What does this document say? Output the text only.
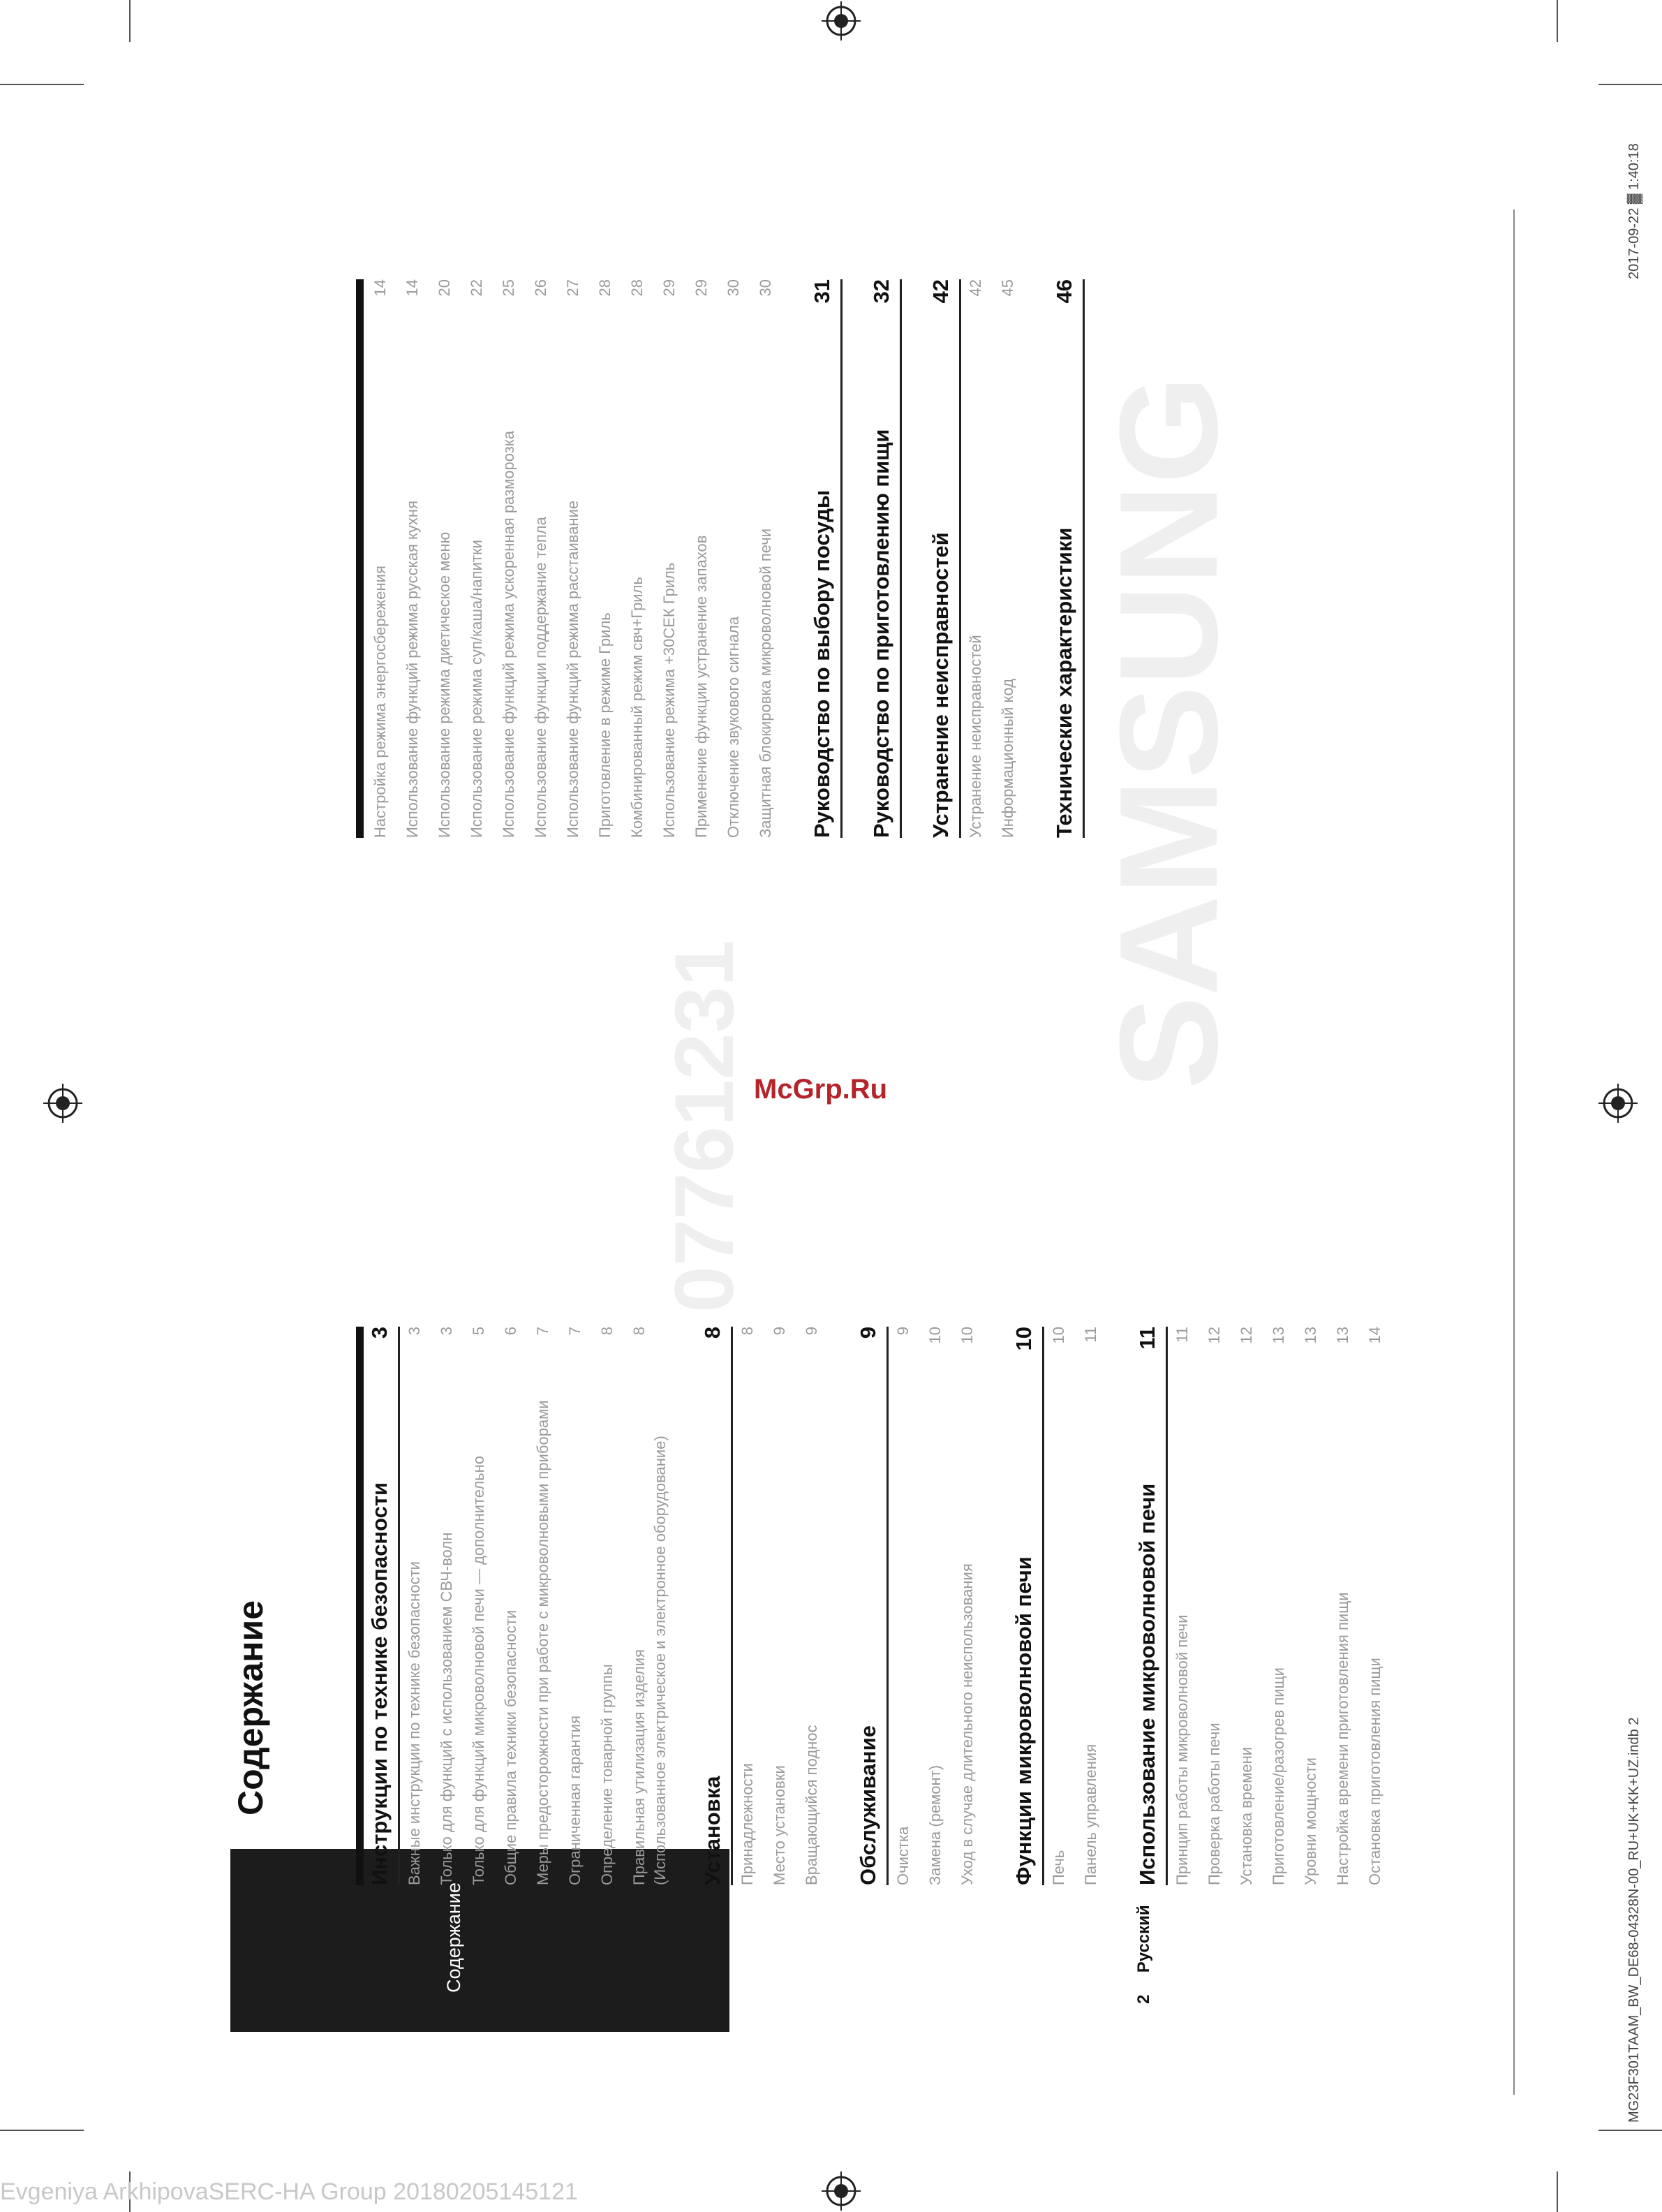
2017-09-22 ▓ 1:40:18
MG23F301TAAM_BW_DE68-04328N-00_RU+UK+KK+UZ.indb 2
Evgeniya ArkhipovaSERC-HA Group 20180205145121
SAMSUNG
07761231 McGrp.Ru
Содержание
Содержание
2  Русский
Инструкции по технике безопасности
3
Важные инструкции по технике безопасности
3
Только для функций с использованием СВЧ-волн
3
Только для функций микроволновой печи — дополнительно
5
Общие правила техники безопасности
6
Меры предосторожности при работе с микроволновыми приборами
7
Ограниченная гарантия
7
Определение товарной группы
8
Правильная утилизация изделия (Использованное электрическое и электронное оборудование)
8
Установка
8
Принадлежности
8
Место установки
9
Вращающийся поднос
9
Обслуживание
9
Очистка
9
Замена (ремонт)
10
Уход в случае длительного неиспользования
10
Функции микроволновой печи
10
Печь
10
Панель управления
11
Использование микроволновой печи
11
Принцип работы микроволновой печи
11
Проверка работы печи
12
Установка времени
12
Приготовление/разогрев пищи
13
Уровни мощности
13
Настройка времени приготовления пищи
13
Остановка приготовления пищи
14
Настройка режима энергосбережения
14
Использование функций режима русская кухня
14
Использование режима диетическое меню
20
Использование режима суп/каша/напитки
22
Использование функций режима ускоренная разморозка
25
Использование функции поддержание тепла
26
Использование функций режима расстаивание
27
Приготовление в режиме Гриль
28
Комбинированный режим свч+Гриль
28
Использование режима +30СЕК Гриль
29
Применение функции устранение запахов
29
Отключение звукового сигнала
30
Защитная блокировка микроволновой печи
30
Руководство по выбору посуды
31
Руководство по приготовлению пищи
32
Устранение неисправностей
42
Устранение неисправностей
42
Информационный код
45
Технические характеристики
46
